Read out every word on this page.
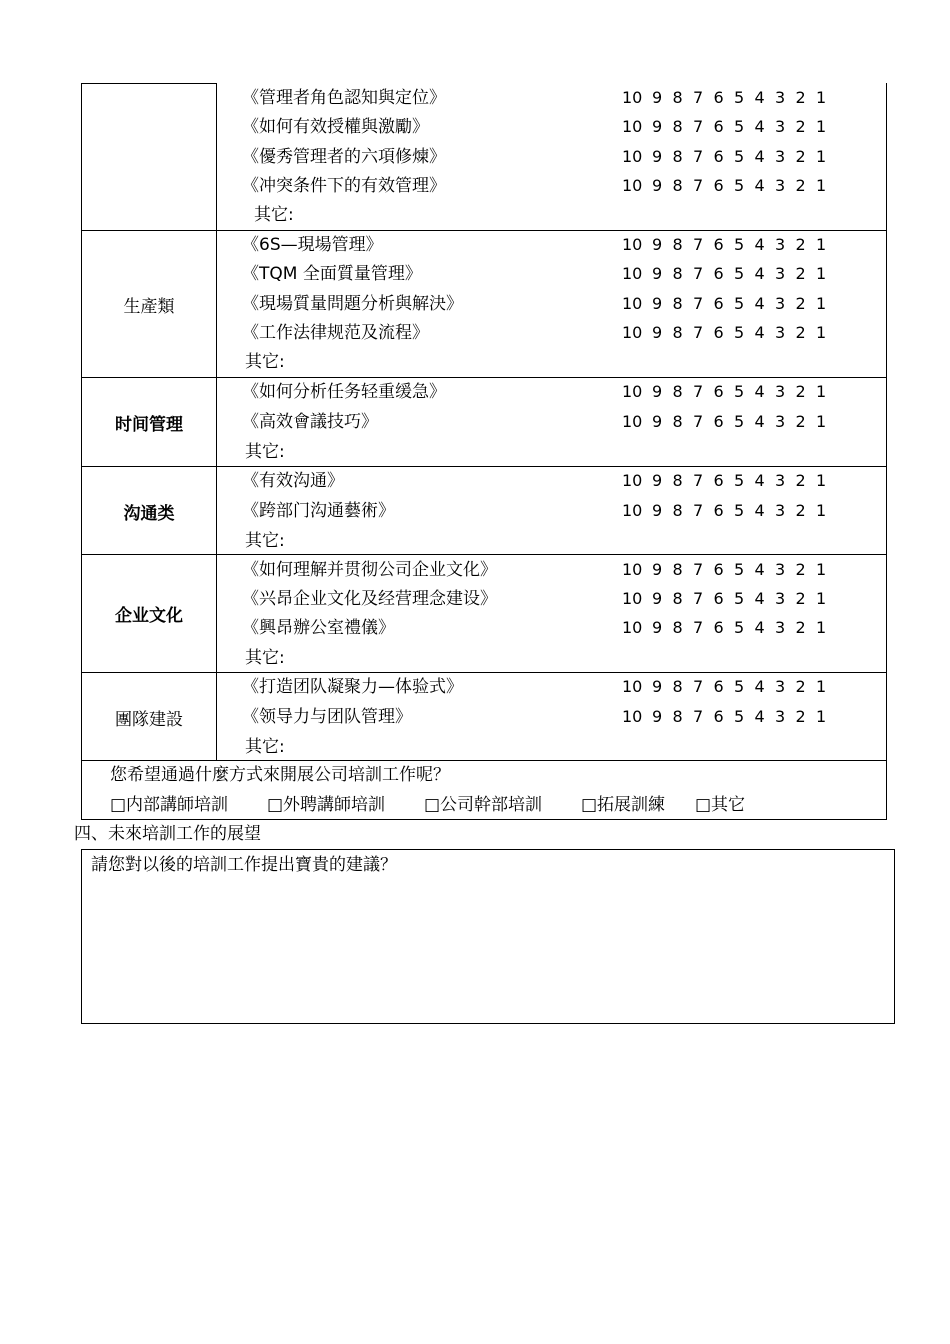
《管理者角色認知與定位》
《如何有效授權與激勵》
《優秀管理者的六項修煉》
《冲突条件下的有效管理》
其它:
10 9 8 7 6 5 4 3 2 1
10 9 8 7 6 5 4 3 2 1
10 9 8 7 6 5 4 3 2 1
10 9 8 7 6 5 4 3 2 1
生產類
《6S—現場管理》
《TQM 全面質量管理》
《現場質量問題分析與解決》
《工作法律规范及流程》
其它:
10 9 8 7 6 5 4 3 2 1
10 9 8 7 6 5 4 3 2 1
10 9 8 7 6 5 4 3 2 1
10 9 8 7 6 5 4 3 2 1
时间管理
《如何分析任务轻重缓急》
《高效會議技巧》
其它:
10 9 8 7 6 5 4 3 2 1
10 9 8 7 6 5 4 3 2 1
沟通类
《有效沟通》
《跨部门沟通藝術》
其它:
10 9 8 7 6 5 4 3 2 1
10 9 8 7 6 5 4 3 2 1
企业文化
《如何理解并贯彻公司企业文化》
《兴昂企业文化及经营理念建设》
《興昂辦公室禮儀》
其它:
10 9 8 7 6 5 4 3 2 1
10 9 8 7 6 5 4 3 2 1
10 9 8 7 6 5 4 3 2 1
團隊建設
《打造团队凝聚力—体验式》
《领导力与团队管理》
其它:
10 9 8 7 6 5 4 3 2 1
10 9 8 7 6 5 4 3 2 1
您希望通過什麼方式來開展公司培訓工作呢？
□内部講師培訓 □外聘講師培訓 □公司幹部培訓 □拓展訓練 □其它
四、未來培訓工作的展望
請您對以後的培訓工作提出寶貴的建議？
